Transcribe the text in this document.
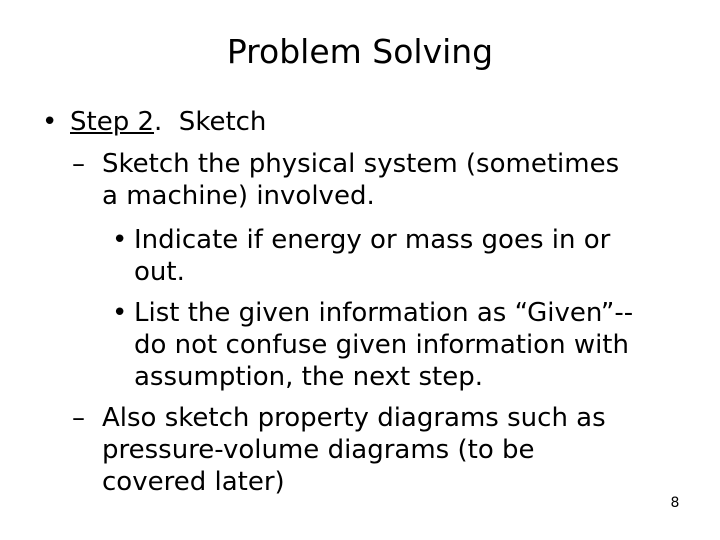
Problem Solving
• Step 2.  Sketch
– Sketch the physical system (sometimes
a machine) involved.
• Indicate if energy or mass goes in or
out.
• List the given information as “Given”--
do not confuse given information with
assumption, the next step.
– Also sketch property diagrams such as
pressure-volume diagrams (to be
covered later)
8
